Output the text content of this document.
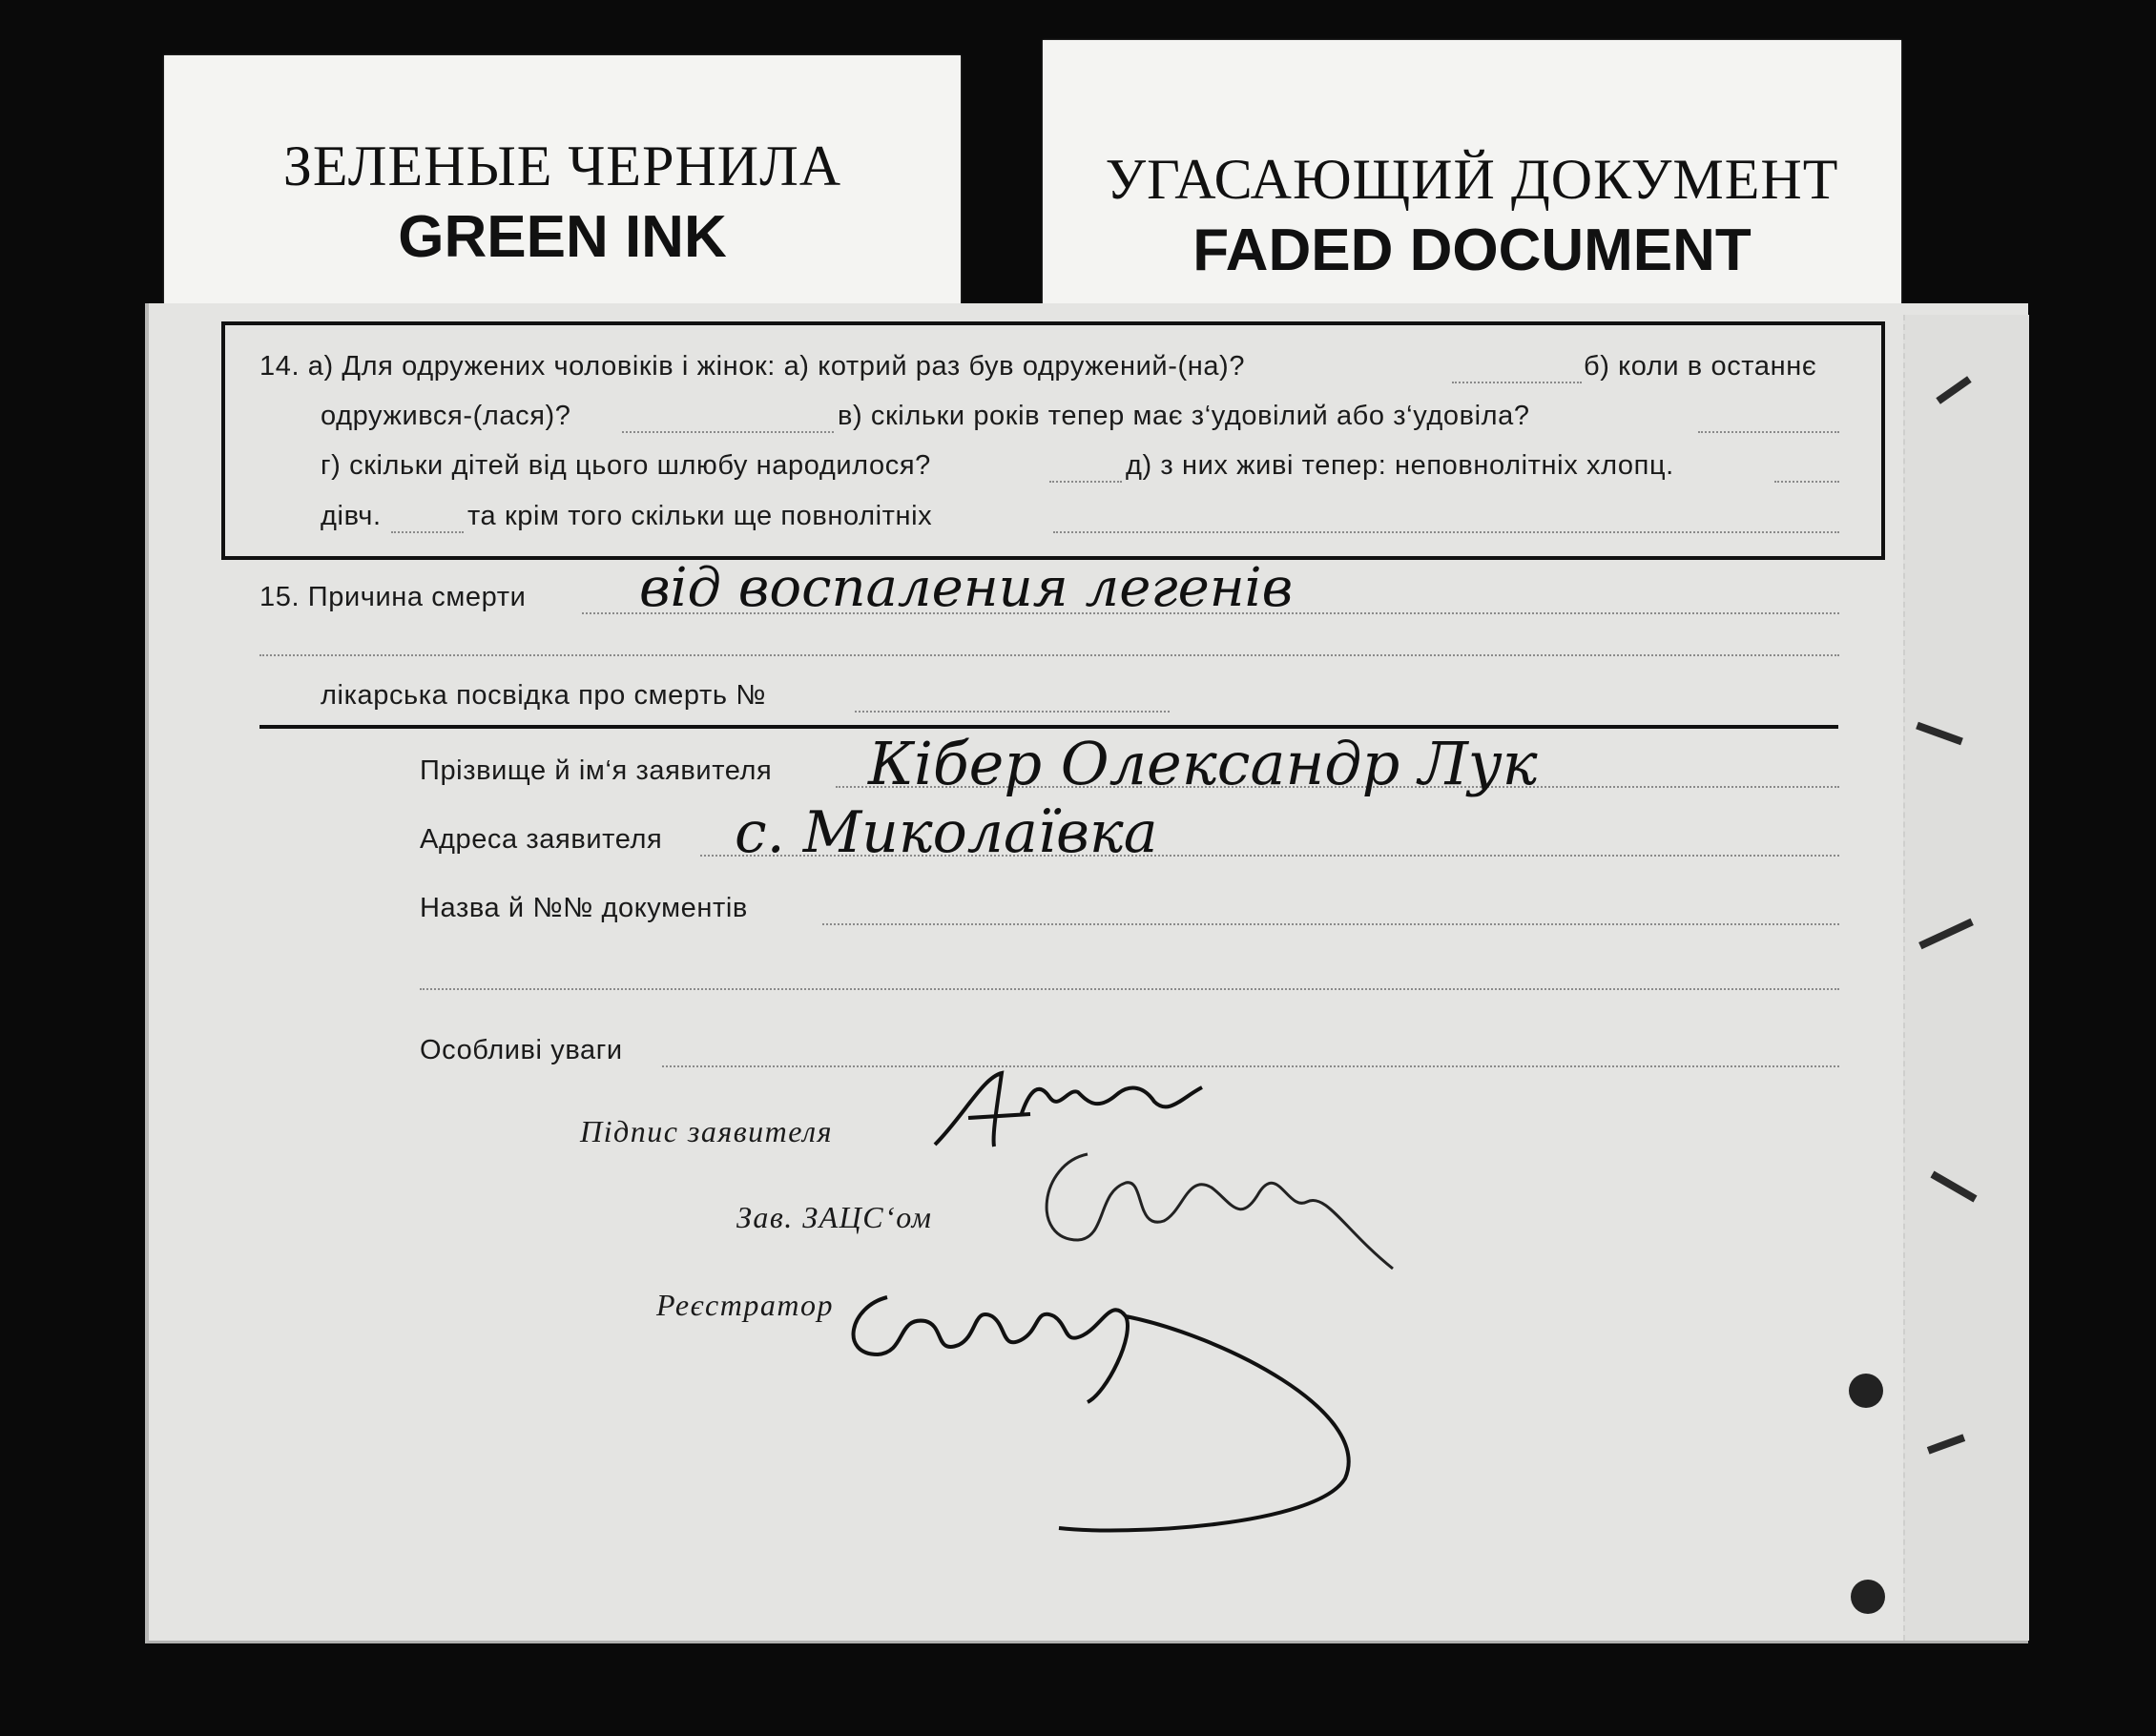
ЗЕЛЕНЫЕ ЧЕРНИЛА
GREEN INK
УГАСАЮЩИЙ ДОКУМЕНТ
FADED DOCUMENT
14. а) Для одружених чоловіків і жінок: а) котрий раз був одружений-(на)?	б) коли в останнє
одружився-(лася)?	в) скільки років тепер має з‘удовілий або з‘удовіла?
г) скільки дітей від цього шлюбу народилося?	д) з них живі тепер: неповнолітніх хлопц.
дівч.	та крім того скільки ще повнолітніх
15. Причина смерти від воспаления легенів
лікарська посвідка про смерть №
Прізвище й ім‘я заявителя Кібер Олександр Лук
Адреса заявителя с. Миколаївка
Назва й №№ документів
Особливі уваги
Підпис заявителя
Зав. ЗАЦС‘ом
Реєстратор
